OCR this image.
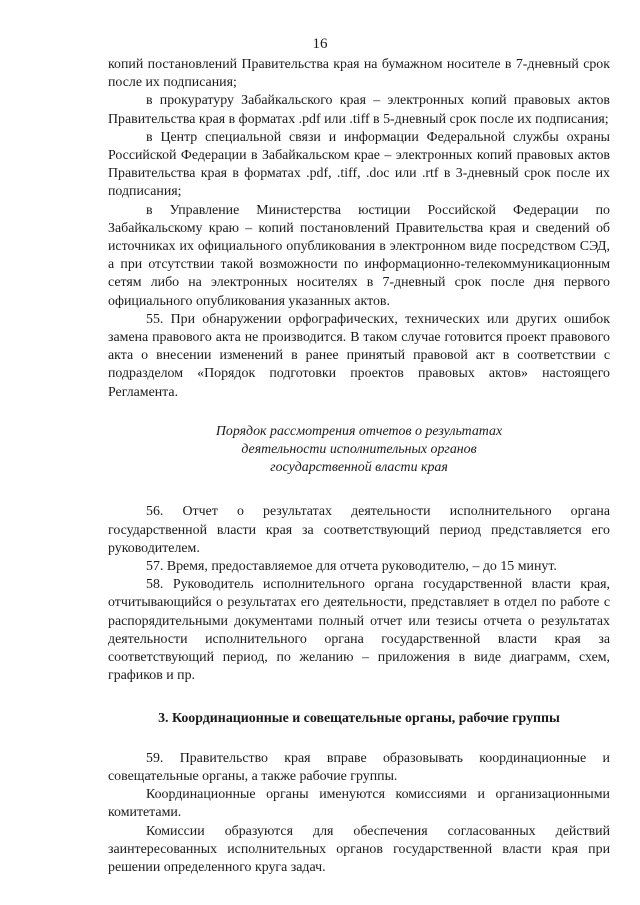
16

копий постановлений Правительства края на бумажном носителе в 7-дневный срок после их подписания;

в прокуратуру Забайкальского края – электронных копий правовых актов Правительства края в форматах .pdf или .tiff в 5-дневный срок после их подписания;

в Центр специальной связи и информации Федеральной службы охраны Российской Федерации в Забайкальском крае – электронных копий правовых актов Правительства края в форматах .pdf, .tiff, .doc или .rtf в 3-дневный срок после их подписания;

в Управление Министерства юстиции Российской Федерации по Забайкальскому краю – копий постановлений Правительства края и сведений об источниках их официального опубликования в электронном виде посредством СЭД, а при отсутствии такой возможности по информационно-телекоммуникационным сетям либо на электронных носителях в 7-дневный срок после дня первого официального опубликования указанных актов.

55. При обнаружении орфографических, технических или других ошибок замена правового акта не производится. В таком случае готовится проект правового акта о внесении изменений в ранее принятый правовой акт в соответствии с подразделом «Порядок подготовки проектов правовых актов» настоящего Регламента.

Порядок рассмотрения отчетов о результатах

деятельности исполнительных органов

государственной власти края

56. Отчет о результатах деятельности исполнительного органа государственной власти края за соответствующий период представляется его руководителем.

57. Время, предоставляемое для отчета руководителю, – до 15 минут.

58. Руководитель исполнительного органа государственной власти края, отчитывающийся о результатах его деятельности, представляет в отдел по работе с распорядительными документами полный отчет или тезисы отчета о результатах деятельности исполнительного органа государственной власти края за соответствующий период, по желанию – приложения в виде диаграмм, схем, графиков и пр.

3. Координационные и совещательные органы, рабочие группы

59. Правительство края вправе образовывать координационные и совещательные органы, а также рабочие группы.

Координационные органы именуются комиссиями и организационными комитетами.

Комиссии образуются для обеспечения согласованных действий заинтересованных исполнительных органов государственной власти края при решении определенного круга задач.
